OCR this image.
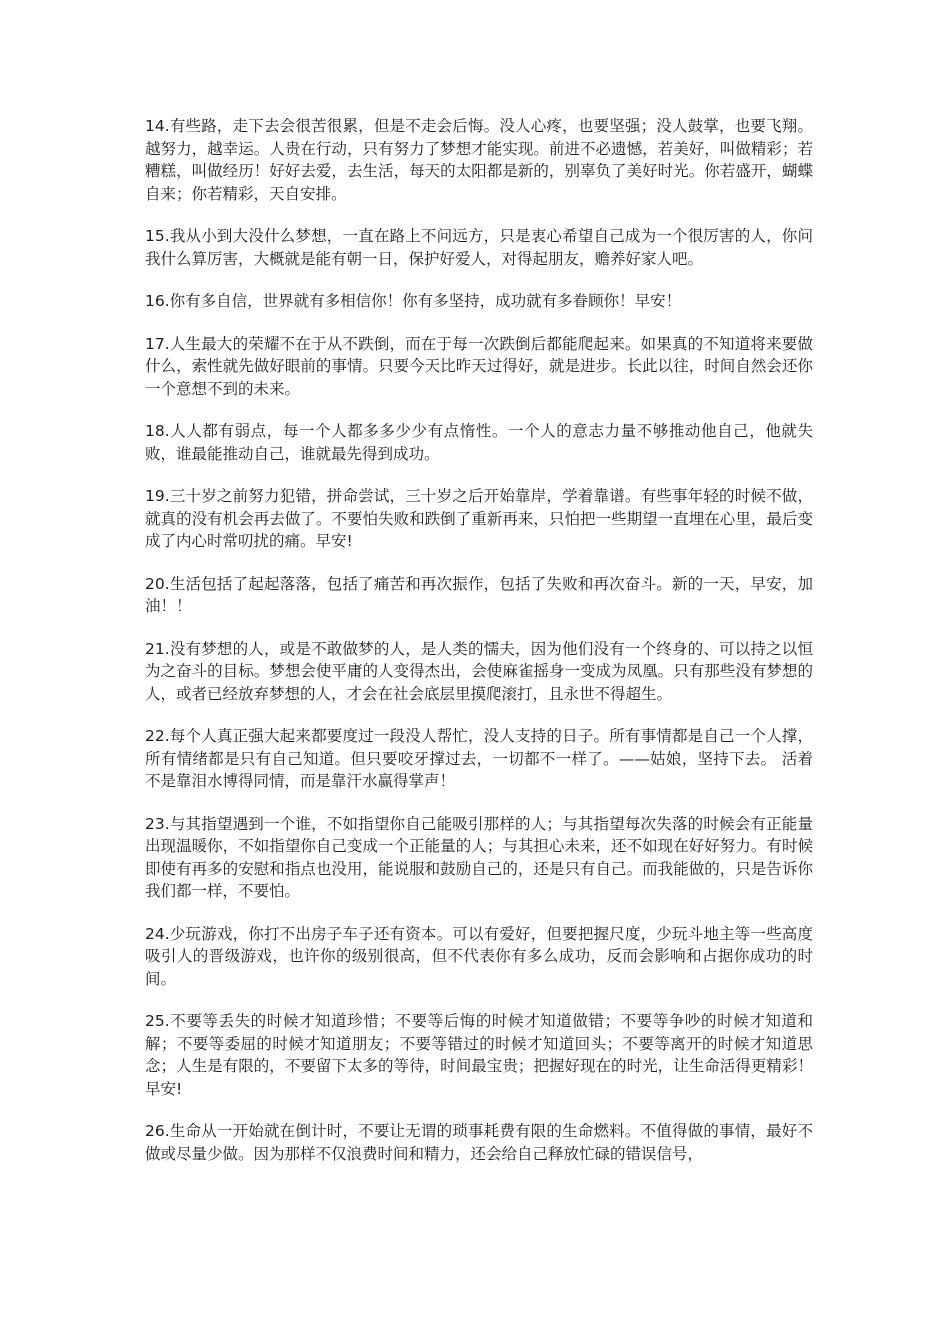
14.有些路，走下去会很苦很累，但是不走会后悔。没人心疼，也要坚强；没人鼓掌，也要飞翔。越努力，越幸运。人贵在行动，只有努力了梦想才能实现。前进不必遗憾，若美好，叫做精彩；若糟糕，叫做经历！好好去爱，去生活，每天的太阳都是新的，别辜负了美好时光。你若盛开，蝴蝶自来；你若精彩，天自安排。

15.我从小到大没什么梦想，一直在路上不问远方，只是衷心希望自己成为一个很厉害的人，你问我什么算厉害，大概就是能有朝一日，保护好爱人，对得起朋友，赡养好家人吧。

16.你有多自信，世界就有多相信你！你有多坚持，成功就有多眷顾你！早安！

17.人生最大的荣耀不在于从不跌倒，而在于每一次跌倒后都能爬起来。如果真的不知道将来要做什么，索性就先做好眼前的事情。只要今天比昨天过得好，就是进步。长此以往，时间自然会还你一个意想不到的未来。

18.人人都有弱点，每一个人都多多少少有点惰性。一个人的意志力量不够推动他自己，他就失败，谁最能推动自己，谁就最先得到成功。

19.三十岁之前努力犯错，拼命尝试，三十岁之后开始靠岸，学着靠谱。有些事年轻的时候不做，就真的没有机会再去做了。不要怕失败和跌倒了重新再来，只怕把一些期望一直埋在心里，最后变成了内心时常叨扰的痛。早安!

20.生活包括了起起落落，包括了痛苦和再次振作，包括了失败和再次奋斗。新的一天，早安，加油！！

21.没有梦想的人，或是不敢做梦的人，是人类的懦夫，因为他们没有一个终身的、可以持之以恒为之奋斗的目标。梦想会使平庸的人变得杰出，会使麻雀摇身一变成为凤凰。只有那些没有梦想的人，或者已经放弃梦想的人，才会在社会底层里摸爬滚打，且永世不得超生。

22.每个人真正强大起来都要度过一段没人帮忙，没人支持的日子。所有事情都是自己一个人撑，所有情绪都是只有自己知道。但只要咬牙撑过去，一切都不一样了。——姑娘，坚持下去。 活着不是靠泪水博得同情，而是靠汗水赢得掌声！

23.与其指望遇到一个谁，不如指望你自己能吸引那样的人；与其指望每次失落的时候会有正能量出现温暖你，不如指望你自己变成一个正能量的人；与其担心未来，还不如现在好好努力。有时候即使有再多的安慰和指点也没用，能说服和鼓励自己的，还是只有自己。而我能做的，只是告诉你我们都一样，不要怕。

24.少玩游戏，你打不出房子车子还有资本。可以有爱好，但要把握尺度，少玩斗地主等一些高度吸引人的晋级游戏，也许你的级别很高，但不代表你有多么成功，反而会影响和占据你成功的时间。

25.不要等丢失的时候才知道珍惜；不要等后悔的时候才知道做错；不要等争吵的时候才知道和解；不要等委屈的时候才知道朋友；不要等错过的时候才知道回头；不要等离开的时候才知道思念；人生是有限的，不要留下太多的等待，时间最宝贵；把握好现在的时光，让生命活得更精彩！早安!

26.生命从一开始就在倒计时，不要让无谓的琐事耗费有限的生命燃料。不值得做的事情，最好不做或尽量少做。因为那样不仅浪费时间和精力，还会给自己释放忙碌的错误信号，
